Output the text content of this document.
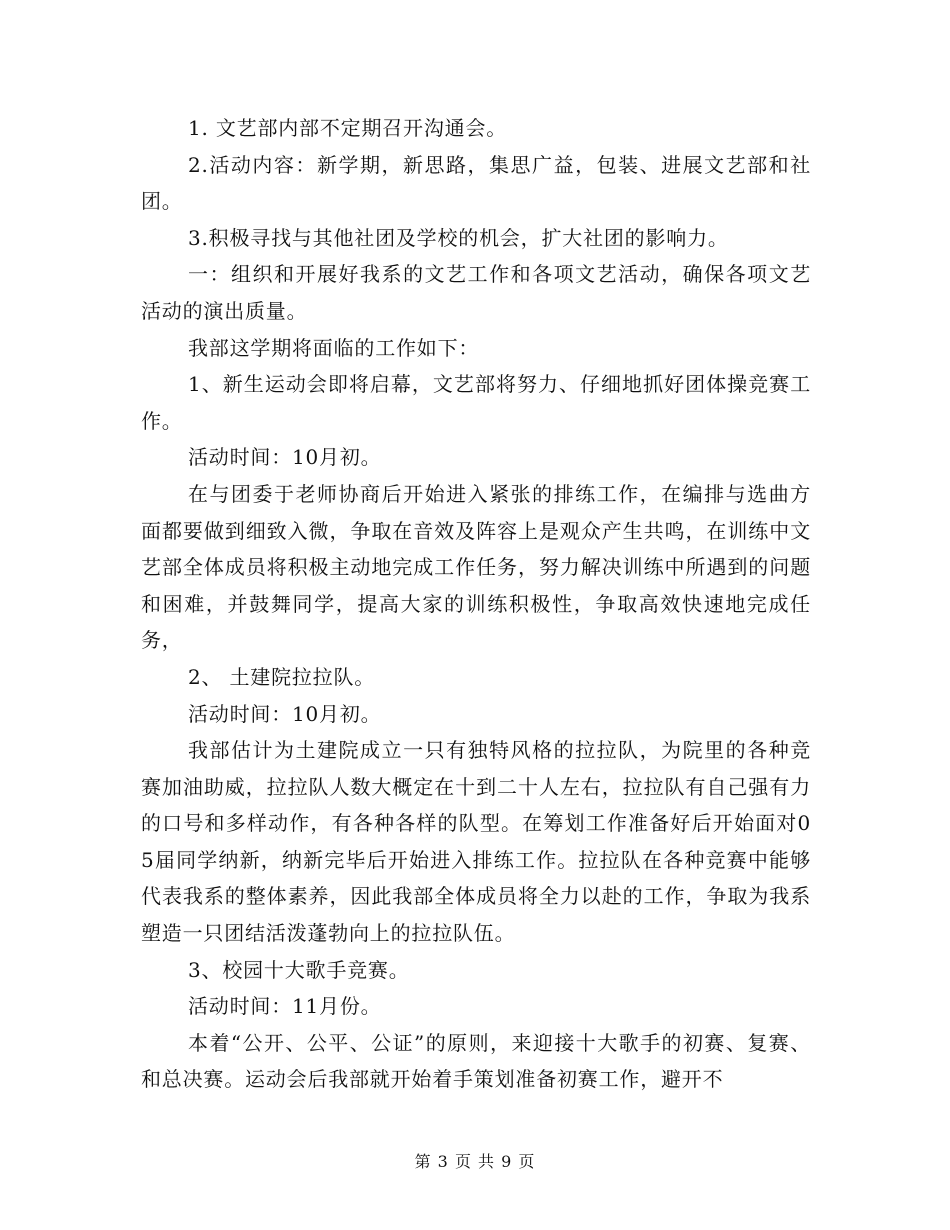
1. 文艺部内部不定期召开沟通会。

2.活动内容：新学期，新思路，集思广益，包装、进展文艺部和社团。

3.积极寻找与其他社团及学校的机会，扩大社团的影响力。

一：组织和开展好我系的文艺工作和各项文艺活动，确保各项文艺活动的演出质量。

我部这学期将面临的工作如下：

1、新生运动会即将启幕，文艺部将努力、仔细地抓好团体操竞赛工作。

活动时间：10月初。

在与团委于老师协商后开始进入紧张的排练工作，在编排与选曲方面都要做到细致入微，争取在音效及阵容上是观众产生共鸣，在训练中文艺部全体成员将积极主动地完成工作任务，努力解决训练中所遇到的问题和困难，并鼓舞同学，提高大家的训练积极性，争取高效快速地完成任务，

2、 土建院拉拉队。

活动时间：10月初。

我部估计为土建院成立一只有独特风格的拉拉队，为院里的各种竞赛加油助威，拉拉队人数大概定在十到二十人左右，拉拉队有自己强有力的口号和多样动作，有各种各样的队型。在筹划工作准备好后开始面对05届同学纳新，纳新完毕后开始进入排练工作。拉拉队在各种竞赛中能够代表我系的整体素养，因此我部全体成员将全力以赴的工作，争取为我系塑造一只团结活泼蓬勃向上的拉拉队伍。

3、校园十大歌手竞赛。

活动时间：11月份。

本着“公开、公平、公证”的原则，来迎接十大歌手的初赛、复赛、和总决赛。运动会后我部就开始着手策划准备初赛工作，避开不

第 3 页 共 9 页
